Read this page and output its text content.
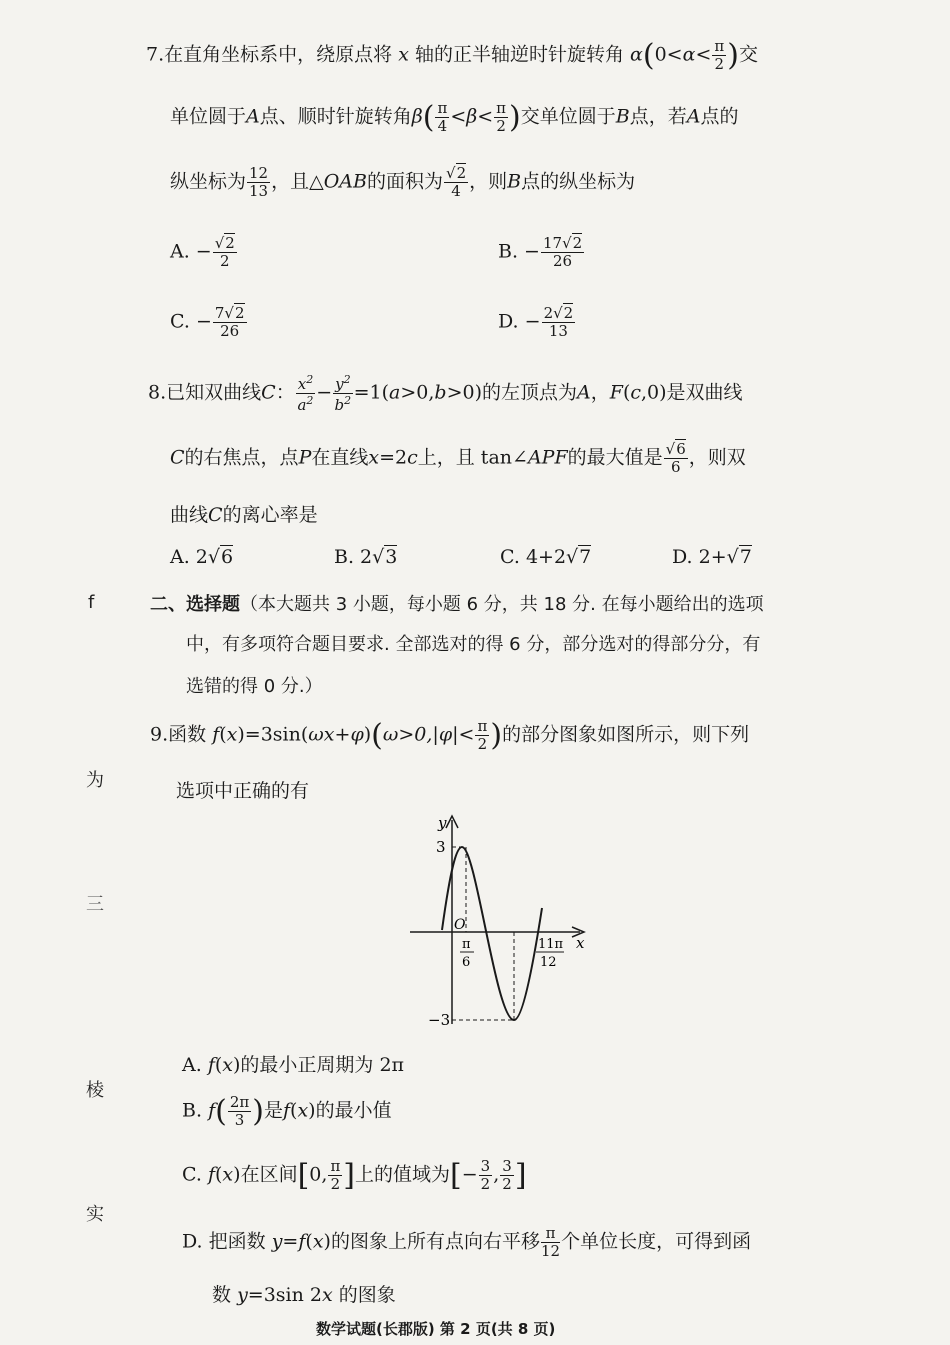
f
为
三
棱
实
7.在直角坐标系中，绕原点将 x 轴的正半轴逆时针旋转角 $\alpha(0<\alpha< \frac{\pi}{2}$ )交
单位圆于A点、顺时针旋转角$\beta( \frac{\pi}{4} <\beta< \frac{\pi}{2}$ )交单位圆于B点，若A点的
纵坐标为 $\frac{12}{13}$ ，且△OAB的面积为 $\frac{√2}{4}$ ，则B点的纵坐标为
A. − $\frac{√2}{2}$	B. − $\frac{17√2}{26}$
C. − $\frac{7√2}{26}$	D. − $\frac{2√2}{13}$
8.已知双曲线C： $\frac{x^2}{a^2} - \frac{y^2}{b^2} =1(a>0,b>0)$的左顶点为A，F(c,0)是双曲线
C的右焦点，点P在直线x=2c上，且 tan∠APF的最大值是 $\frac{√6}{6}$ ，则双
曲线C的离心率是
A. 2√6	B. 2√3	C. 4+2√7	D. 2+√7
二、选择题（本大题共 3 小题，每小题 6 分，共 18 分. 在每小题给出的选项
中，有多项符合题目要求. 全部选对的得 6 分，部分选对的得部分分，有
选错的得 0 分.）
9.函数 $f(x)=3\sin(\omega x+\varphi)(\omega>0,|\varphi|< \frac{\pi}{2}$ )的部分图象如图所示，则下列
选项中正确的有
y
x
O
3
−3
π
6
11π
12
A. f(x)的最小正周期为 2π
B. $f( \frac{2\pi}{3}$ )是f(x)的最小值
C. f(x)在区间[0, $\frac{\pi}{2}$ ]上的值域为[− $\frac{3}{2}$ , $\frac{3}{2}$ ]
D. 把函数 y=f(x)的图象上所有点向右平移 $\frac{\pi}{12}$ 个单位长度，可得到函
数 y=3sin 2x 的图象
数学试题(长郡版) 第 2 页(共 8 页)
